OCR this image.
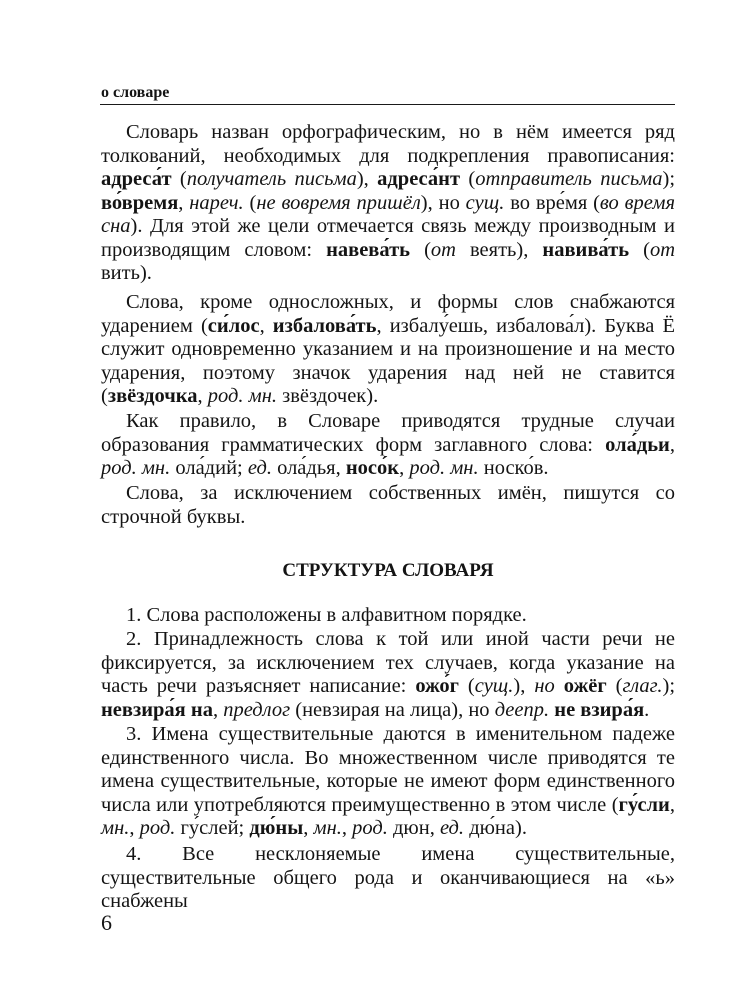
о словаре

Словарь назван орфографическим, но в нём имеется ряд толкований, необходимых для подкрепления правописания: адреса́т (получатель письма), адреса́нт (отправитель письма); во́время, нареч. (не вовремя пришёл), но сущ. во вре́мя (во время сна). Для этой же цели отмечается связь между производным и производящим словом: навева́ть (от веять), навива́ть (от вить).

Слова, кроме односложных, и формы слов снабжаются ударением (си́лос, избалова́ть, избалу́ешь, избалова́л). Буква Ё служит одновременно указанием и на произношение и на место ударения, поэтому значок ударения над ней не ставится (звёздочка, род. мн. звёздочек).

Как правило, в Словаре приводятся трудные случаи образования грамматических форм заглавного слова: ола́дьи, род. мн. ола́дий; ед. ола́дья, носо́к, род. мн. носко́в.

Слова, за исключением собственных имён, пишутся со строчной буквы.

СТРУКТУРА СЛОВАРЯ

1. Слова расположены в алфавитном порядке.

2. Принадлежность слова к той или иной части речи не фиксируется, за исключением тех случаев, когда указание на часть речи разъясняет написание: ожо́г (сущ.), но ожёг (глаг.); невзира́я на, предлог (невзирая на лица), но деепр. не взира́я.

3. Имена существительные даются в именительном падеже единственного числа. Во множественном числе приводятся те имена существительные, которые не имеют форм единственного числа или употребляются преимущественно в этом числе (гу́сли, мн., род. гу́слей; дю́ны, мн., род. дюн, ед. дю́на).

4. Все несклоняемые имена существительные, существительные общего рода и оканчивающиеся на «ь» снабжены

6
